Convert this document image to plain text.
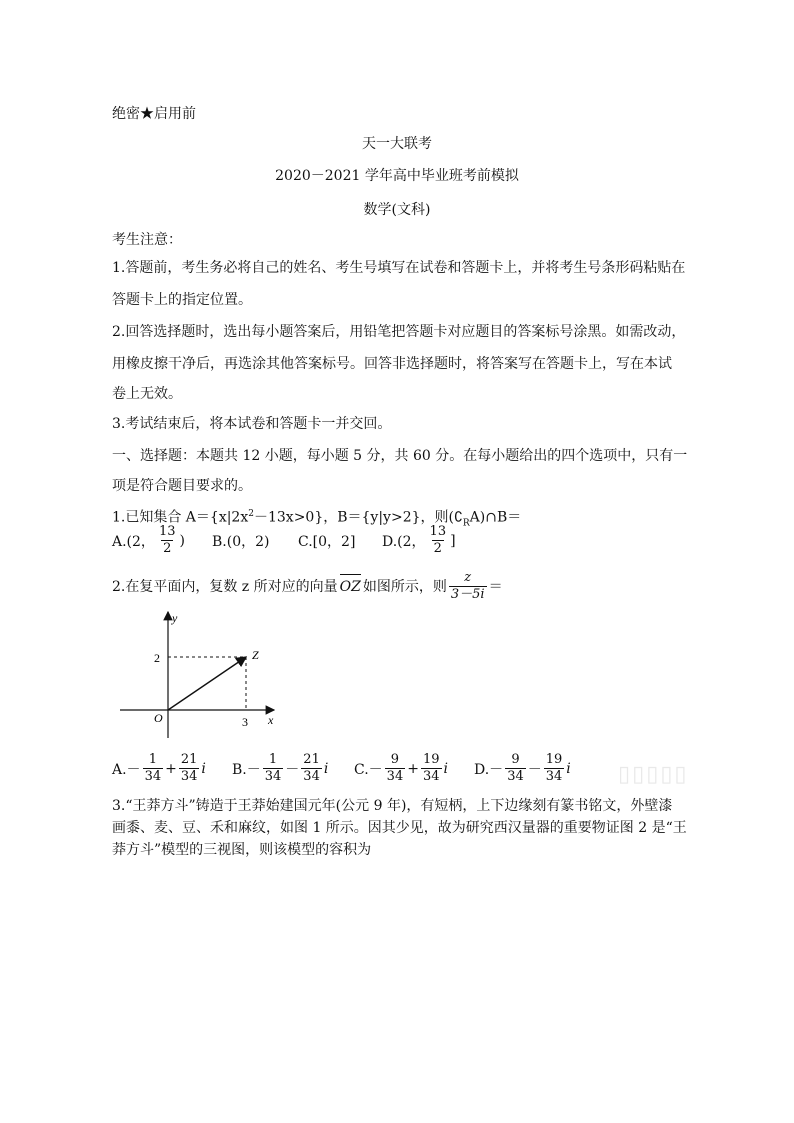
绝密★启用前
天一大联考
2020－2021 学年高中毕业班考前模拟
数学(文科)
考生注意：
1.答题前，考生务必将自己的姓名、考生号填写在试卷和答题卡上，并将考生号条形码粘贴在
答题卡上的指定位置。
2.回答选择题时，选出每小题答案后，用铅笔把答题卡对应题目的答案标号涂黑。如需改动，
用橡皮擦干净后，再选涂其他答案标号。回答非选择题时，将答案写在答题卡上，写在本试
卷上无效。
3.考试结束后，将本试卷和答题卡一并交回。
一、选择题：本题共 12 小题，每小题 5 分，共 60 分。在每小题给出的四个选项中，只有一
项是符合题目要求的。
1.已知集合 $A=\{x|2x^2-13x>0\}$，B＝{y|y>2}，则$(∁_RA)\cap B=$
A.(2， $\frac{13}{2}$ ) B.(0，2)	C.[0，2]	D.(2， $\frac{13}{2}$ ]
2.在复平面内，复数 z 所对应的向量 OZ 如图所示，则 $\frac{z}{3-5i}$ ＝
y
x
O
Z
2
3
$A.- \frac{1}{34} + \frac{21}{34}$ i $B.- \frac{1}{34} - \frac{21}{34}$ i $C.- \frac{9}{34} + \frac{19}{34}$ i $D.- \frac{9}{34} - \frac{19}{34}$ i ▯▯▯▯▯
3.“王莽方斗”铸造于王莽始建国元年(公元 9 年)，有短柄，上下边缘刻有篆书铭文，外壁漆
画黍、麦、豆、禾和麻纹，如图 1 所示。因其少见，故为研究西汉量器的重要物证图 2 是“王
莽方斗”模型的三视图，则该模型的容积为
